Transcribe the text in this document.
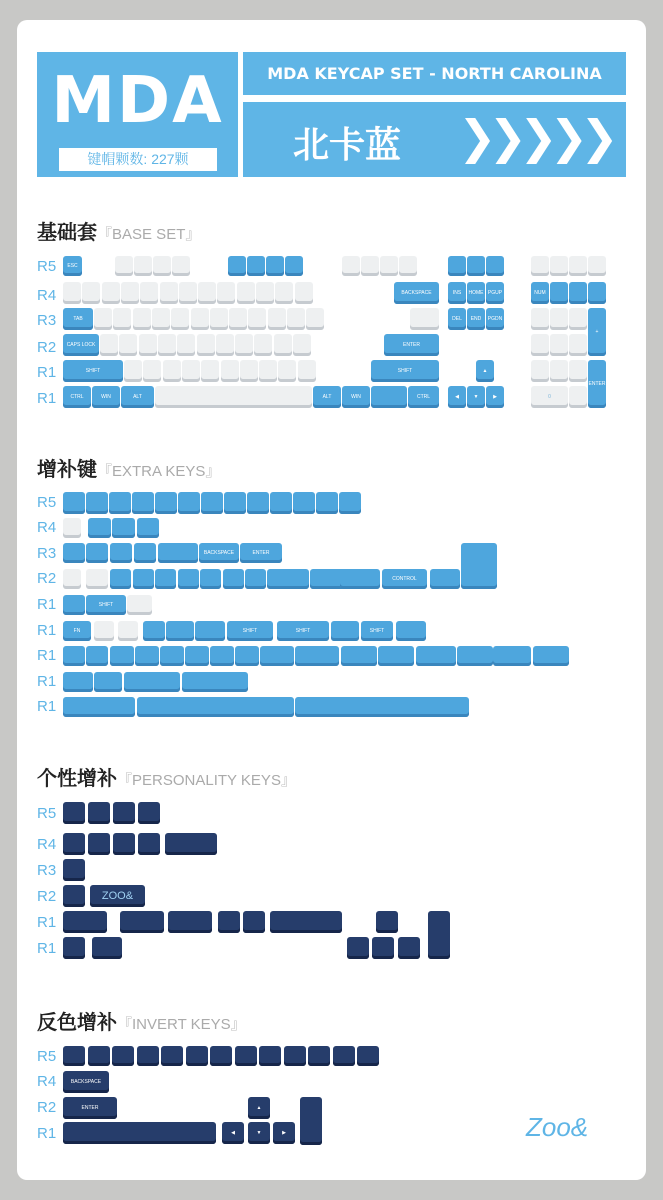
MDA
键帽颗数: 227颗
MDA KEYCAP SET - NORTH CAROLINA
北卡蓝 ❯❯❯❯❯
基础套『BASE SET』
增补键『EXTRA KEYS』
个性增补『PERSONALITY KEYS』
反色增补『INVERT KEYS』
R5
R4
R3
R2
R1
R1
R5
R4
R3
R2
R1
R1
R1
R1
R1
R5
R4
R3
R2
R1
R1
R5
R4
R2
R1	Zoo&
ESC
BACKSPACE	INS	HOME PGUP	NUM
TAB	DEL	END	PGDN
+
CAPS LOCK	ENTER
SHIFT	SHIFT	▲
ENTER
CTRL	WIN	ALT	ALT	WIN	CTRL	◀	▼	▶	0
BACKSPACE	ENTER
CONTROL
SHIFT
FN	SHIFT	SHIFT	SHIFT
ZOO&
BACKSPACE
ENTER	▲
◀	▼	▶
